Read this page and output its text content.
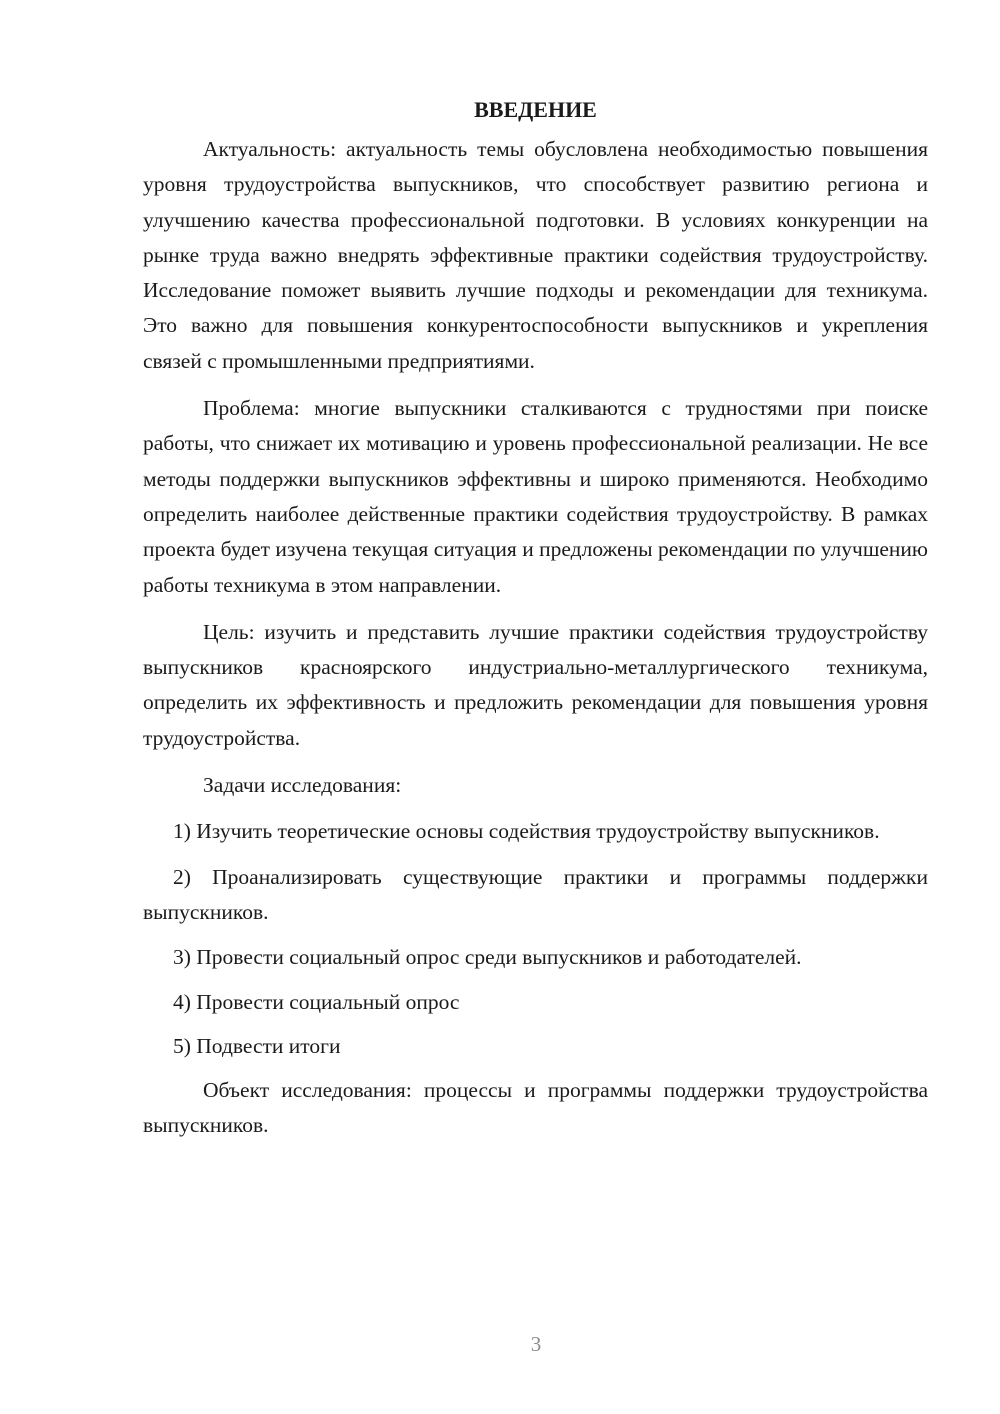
ВВЕДЕНИЕ

Актуальность: актуальность темы обусловлена необходимостью повышения уровня трудоустройства выпускников, что способствует развитию региона и улучшению качества профессиональной подготовки. В условиях конкуренции на рынке труда важно внедрять эффективные практики содействия трудоустройству. Исследование поможет выявить лучшие подходы и рекомендации для техникума. Это важно для повышения конкурентоспособности выпускников и укрепления связей с промышленными предприятиями.

Проблема: многие выпускники сталкиваются с трудностями при поиске работы, что снижает их мотивацию и уровень профессиональной реализации. Не все методы поддержки выпускников эффективны и широко применяются. Необходимо определить наиболее действенные практики содействия трудоустройству. В рамках проекта будет изучена текущая ситуация и предложены рекомендации по улучшению работы техникума в этом направлении.

Цель: изучить и представить лучшие практики содействия трудоустройству выпускников красноярского индустриально-металлургического техникума, определить их эффективность и предложить рекомендации для повышения уровня трудоустройства.

Задачи исследования:

1) Изучить теоретические основы содействия трудоустройству выпускников.

2) Проанализировать существующие практики и программы поддержки выпускников.

3) Провести социальный опрос среди выпускников и работодателей.

4) Провести социальный опрос

5) Подвести итоги

Объект исследования: процессы и программы поддержки трудоустройства выпускников.

3
